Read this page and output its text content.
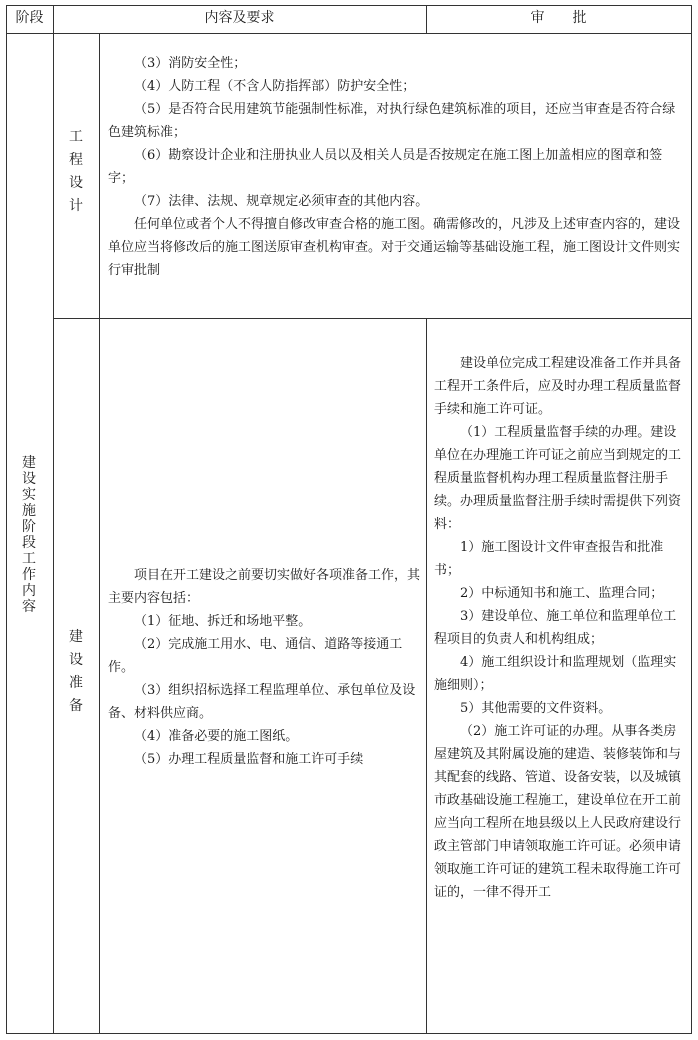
阶段	内容及要求	审　　批
建设实施阶段工作内容
工程设计

（3）消防安全性；

（4）人防工程（不含人防指挥部）防护安全性；

（5）是否符合民用建筑节能强制性标准，对执行绿色建筑标准的项目，还应当审查是否符合绿色建筑标准；

（6）勘察设计企业和注册执业人员以及相关人员是否按规定在施工图上加盖相应的图章和签字；

（7）法律、法规、规章规定必须审查的其他内容。

任何单位或者个人不得擅自修改审查合格的施工图。确需修改的，凡涉及上述审查内容的，建设单位应当将修改后的施工图送原审查机构审查。对于交通运输等基础设施工程，施工图设计文件则实行审批制

建设准备

项目在开工建设之前要切实做好各项准备工作，其主要内容包括：

（1）征地、拆迁和场地平整。

（2）完成施工用水、电、通信、道路等接通工作。

（3）组织招标选择工程监理单位、承包单位及设备、材料供应商。

（4）准备必要的施工图纸。

（5）办理工程质量监督和施工许可手续

建设单位完成工程建设准备工作并具备工程开工条件后，应及时办理工程质量监督手续和施工许可证。

（1）工程质量监督手续的办理。建设单位在办理施工许可证之前应当到规定的工程质量监督机构办理工程质量监督注册手续。办理质量监督注册手续时需提供下列资料：

1）施工图设计文件审查报告和批准书；

2）中标通知书和施工、监理合同；

3）建设单位、施工单位和监理单位工程项目的负责人和机构组成；

4）施工组织设计和监理规划（监理实施细则）；

5）其他需要的文件资料。

（2）施工许可证的办理。从事各类房屋建筑及其附属设施的建造、装修装饰和与其配套的线路、管道、设备安装，以及城镇市政基础设施工程施工，建设单位在开工前应当向工程所在地县级以上人民政府建设行政主管部门申请领取施工许可证。必须申请领取施工许可证的建筑工程未取得施工许可证的，一律不得开工
